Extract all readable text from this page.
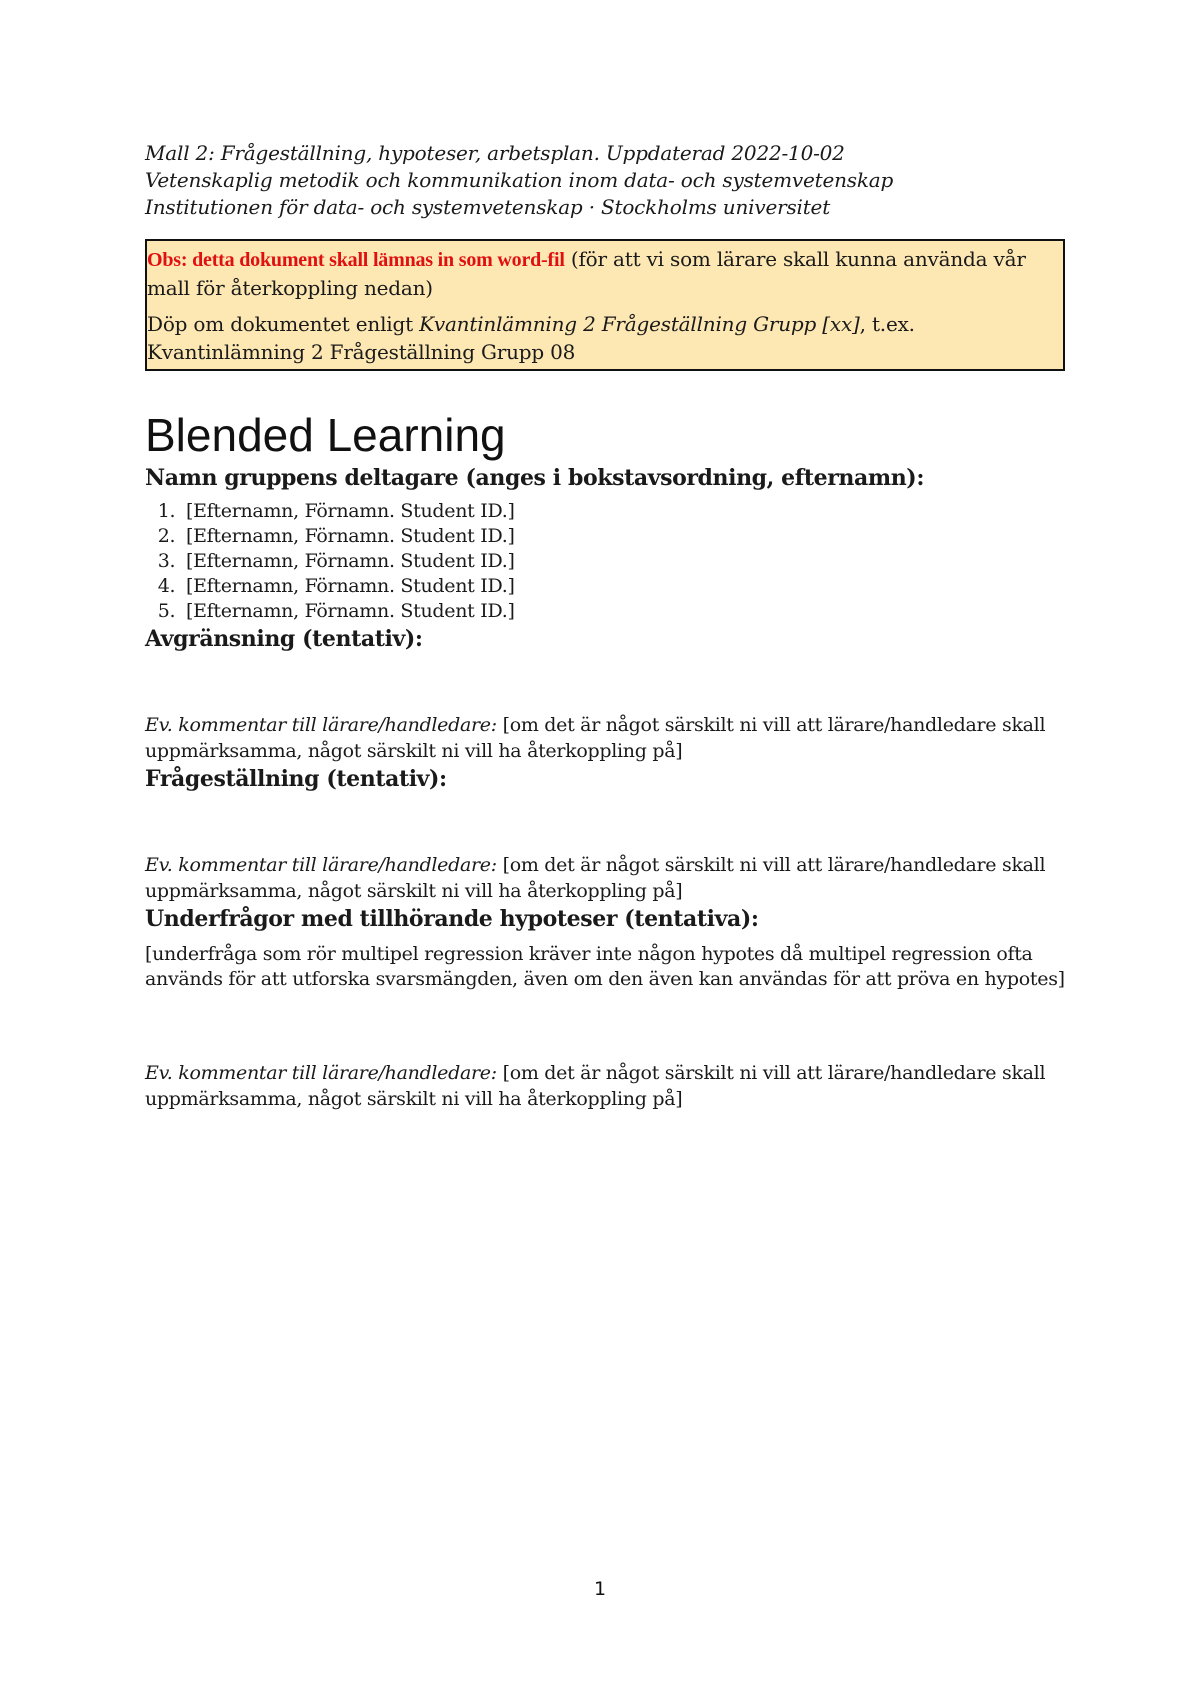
Mall 2: Frågeställning, hypoteser, arbetsplan. Uppdaterad 2022-10-02
Vetenskaplig metodik och kommunikation inom data- och systemvetenskap
Institutionen för data- och systemvetenskap · Stockholms universitet

Obs: detta dokument skall lämnas in som word-fil (för att vi som lärare skall kunna använda vår mall för återkoppling nedan)

Döp om dokumentet enligt Kvantinlämning 2 Frågeställning Grupp [xx], t.ex. Kvantinlämning 2 Frågeställning Grupp 08

Blended Learning
Namn gruppens deltagare (anges i bokstavsordning, efternamn):
1. [Efternamn, Förnamn. Student ID.]
2. [Efternamn, Förnamn. Student ID.]
3. [Efternamn, Förnamn. Student ID.]
4. [Efternamn, Förnamn. Student ID.]
5. [Efternamn, Förnamn. Student ID.]
Avgränsning (tentativ):
Ev. kommentar till lärare/handledare: [om det är något särskilt ni vill att lärare/handledare skall uppmärksamma, något särskilt ni vill ha återkoppling på]
Frågeställning (tentativ):
Ev. kommentar till lärare/handledare: [om det är något särskilt ni vill att lärare/handledare skall uppmärksamma, något särskilt ni vill ha återkoppling på]
Underfrågor med tillhörande hypoteser (tentativa):
[underfråga som rör multipel regression kräver inte någon hypotes då multipel regression ofta används för att utforska svarsmängden, även om den även kan användas för att pröva en hypotes]
Ev. kommentar till lärare/handledare: [om det är något särskilt ni vill att lärare/handledare skall uppmärksamma, något särskilt ni vill ha återkoppling på]
1
